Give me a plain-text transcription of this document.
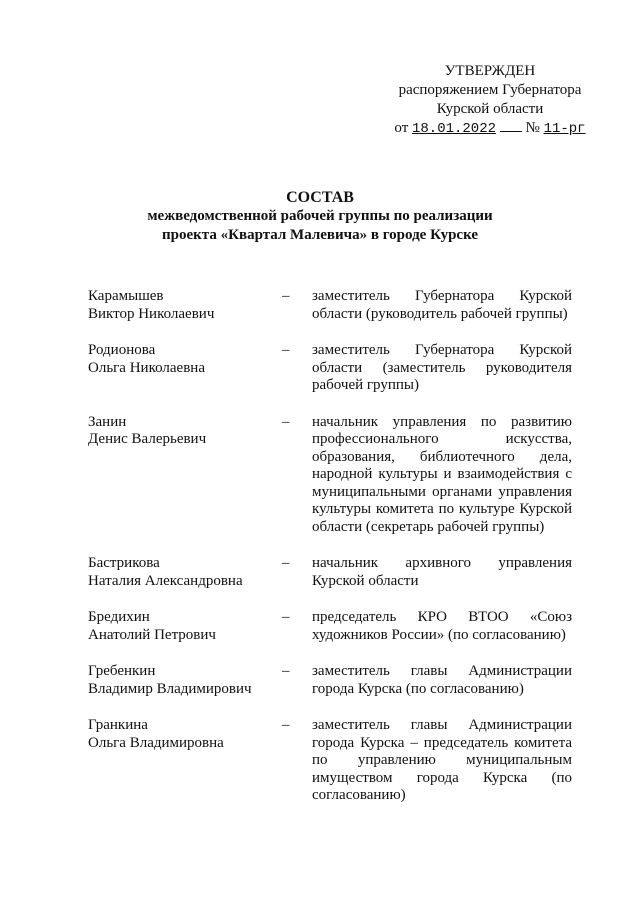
УТВЕРЖДЕН
распоряжением Губернатора
Курской области
от 18.01.2022 № 11-рг
СОСТАВ
межведомственной рабочей группы по реализации
проекта «Квартал Малевича» в городе Курске
Карамышев
Виктор Николаевич
–	заместитель Губернатора Курской области (руководитель рабочей группы)
Родионова
Ольга Николаевна
–	заместитель Губернатора Курской области (заместитель руководителя рабочей группы)
Занин
Денис Валерьевич
–	начальник управления по развитию профессионального искусства, образования, библиотечного дела, народной культуры и взаимодействия с муниципальными органами управления культуры комитета по культуре Курской области (секретарь рабочей группы)
Бастрикова
Наталия Александровна
–	начальник архивного управления Курской области
Бредихин
Анатолий Петрович
–	председатель КРО ВТОО «Союз художников России» (по согласованию)
Гребенкин
Владимир Владимирович
–	заместитель главы Администрации города Курска (по согласованию)
Гранкина
Ольга Владимировна
–	заместитель главы Администрации города Курска – председатель комитета по управлению муниципальным имуществом города Курска (по согласованию)
